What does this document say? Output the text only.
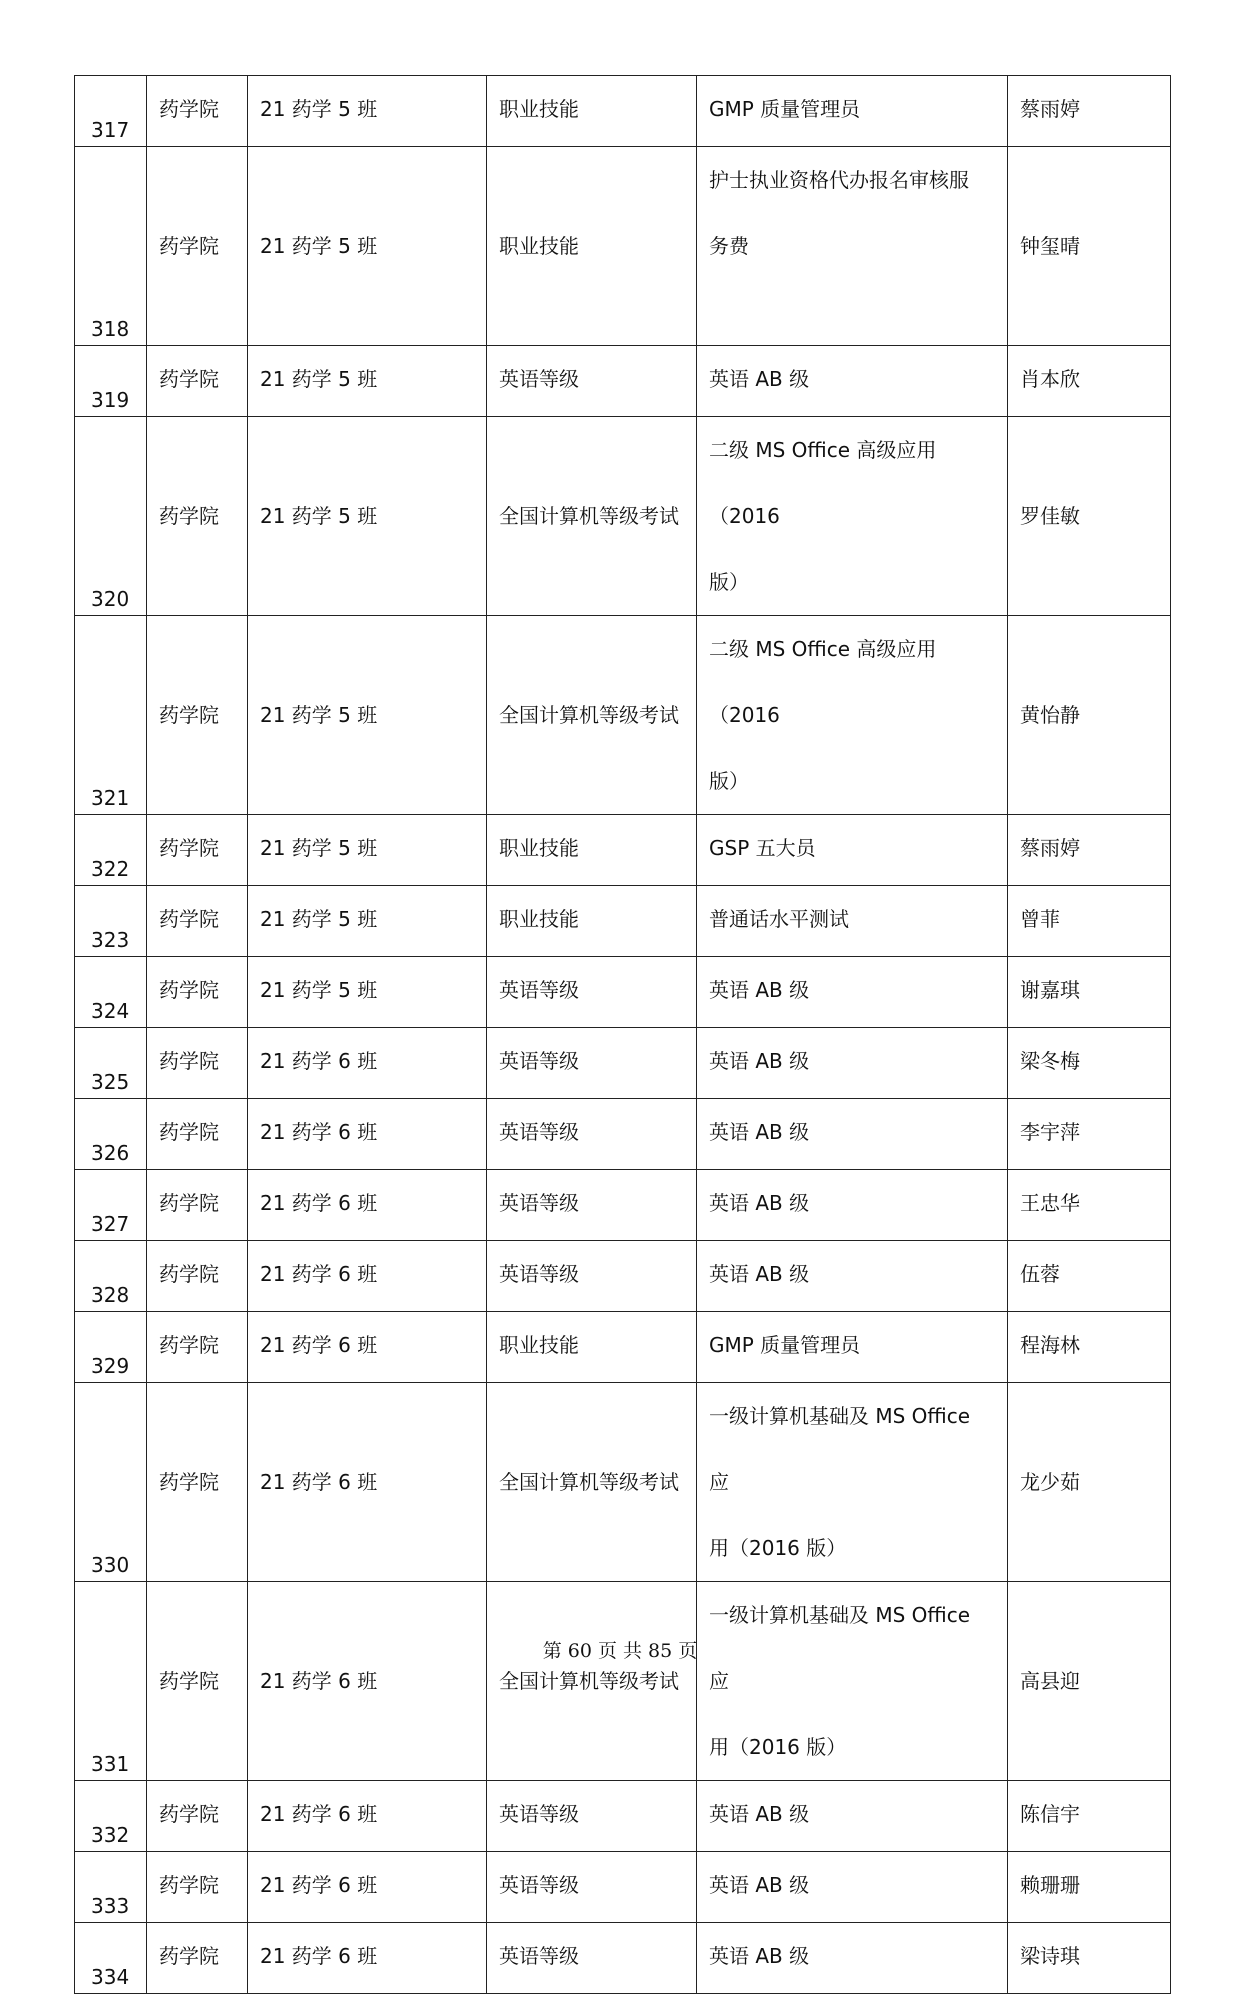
317	药学院	21 药学 5 班	职业技能	GMP 质量管理员	蔡雨婷
318	药学院	21 药学 5 班	职业技能	护士执业资格代办报名审核服
务费	钟玺晴
319	药学院	21 药学 5 班	英语等级	英语 AB 级	肖本欣
320	药学院	21 药学 5 班	全国计算机等级考试	二级 MS Office 高级应用（2016
版）	罗佳敏
321	药学院	21 药学 5 班	全国计算机等级考试	二级 MS Office 高级应用（2016
版）	黄怡静
322	药学院	21 药学 5 班	职业技能	GSP 五大员	蔡雨婷
323	药学院	21 药学 5 班	职业技能	普通话水平测试	曾菲
324	药学院	21 药学 5 班	英语等级	英语 AB 级	谢嘉琪
325	药学院	21 药学 6 班	英语等级	英语 AB 级	梁冬梅
326	药学院	21 药学 6 班	英语等级	英语 AB 级	李宇萍
327	药学院	21 药学 6 班	英语等级	英语 AB 级	王忠华
328	药学院	21 药学 6 班	英语等级	英语 AB 级	伍蓉
329	药学院	21 药学 6 班	职业技能	GMP 质量管理员	程海林
330	药学院	21 药学 6 班	全国计算机等级考试	一级计算机基础及 MS Office 应
用（2016 版）	龙少茹
331	药学院	21 药学 6 班	全国计算机等级考试	一级计算机基础及 MS Office 应
用（2016 版）	高县迎
332	药学院	21 药学 6 班	英语等级	英语 AB 级	陈信宇
333	药学院	21 药学 6 班	英语等级	英语 AB 级	赖珊珊
334	药学院	21 药学 6 班	英语等级	英语 AB 级	梁诗琪
第 60 页 共 85 页
